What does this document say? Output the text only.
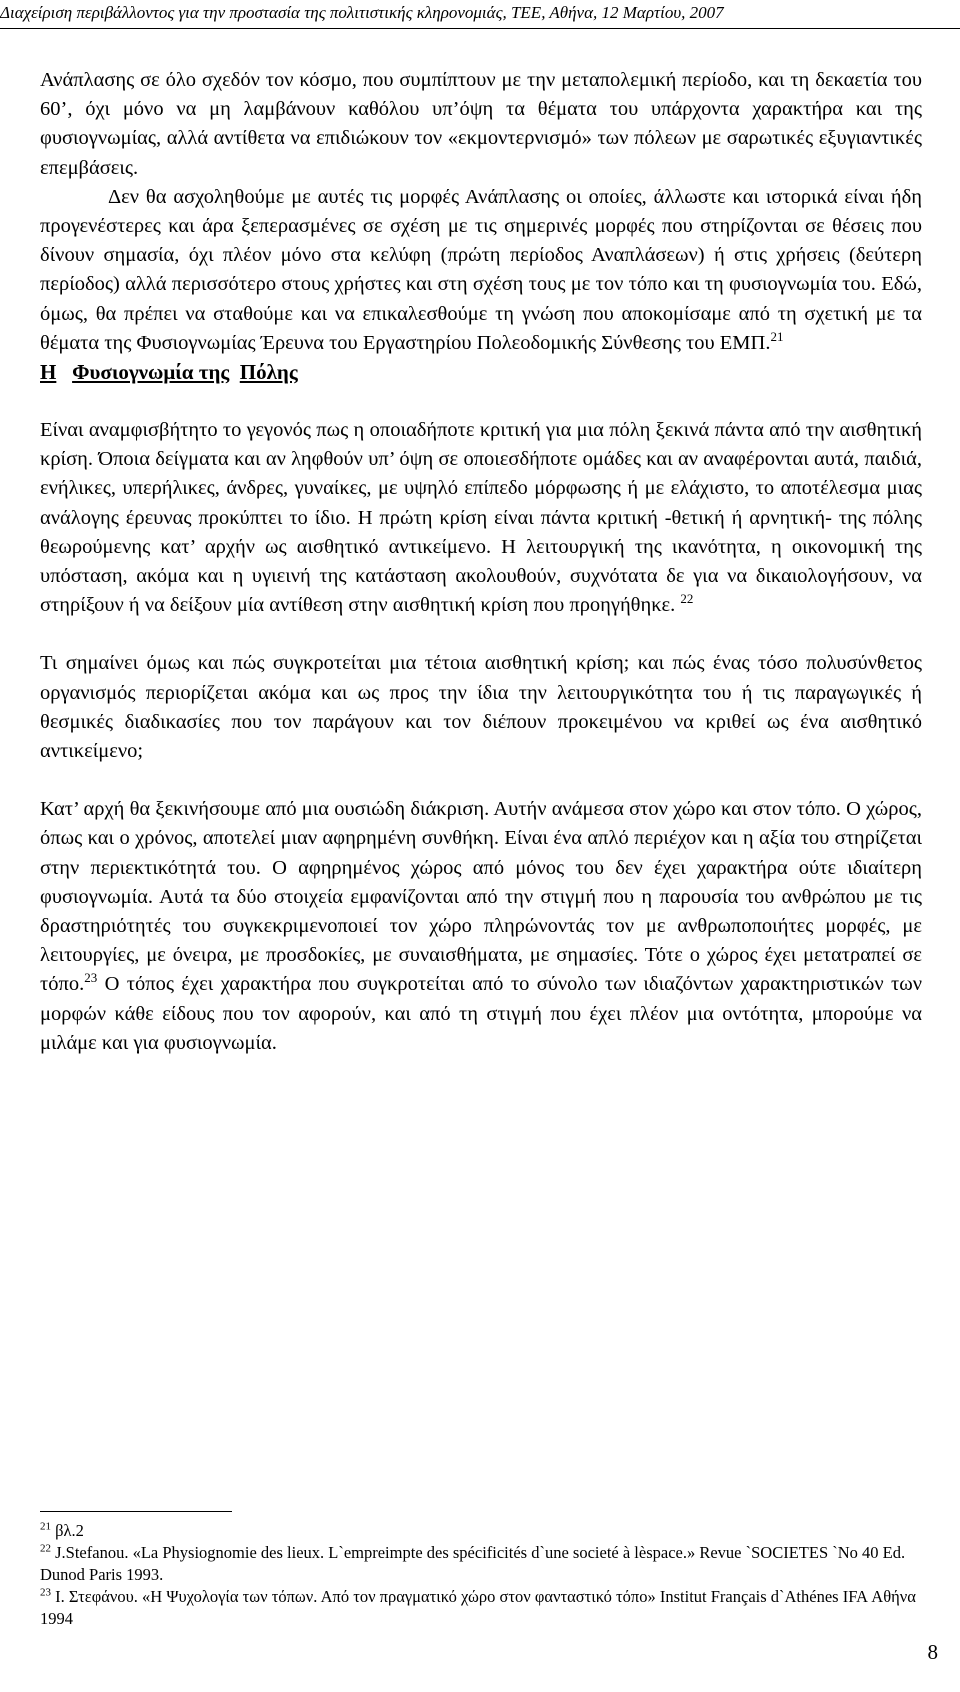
Διαχείριση περιβάλλοντος για την προστασία της πολιτιστικής κληρονομιάς, ΤΕΕ, Αθήνα, 12 Μαρτίου, 2007

Ανάπλασης σε όλο σχεδόν τον κόσμο, που συμπίπτουν με την μεταπολεμική περίοδο, και τη δεκαετία του 60’, όχι μόνο να μη λαμβάνουν καθόλου υπ’όψη τα θέματα του υπάρχοντα χαρακτήρα και της φυσιογνωμίας, αλλά αντίθετα να επιδιώκουν τον «εκμοντερνισμό» των πόλεων με σαρωτικές εξυγιαντικές επεμβάσεις.

Δεν θα ασχοληθούμε με αυτές τις μορφές Ανάπλασης οι οποίες, άλλωστε και ιστορικά είναι ήδη προγενέστερες και άρα ξεπερασμένες σε σχέση με τις σημερινές μορφές που στηρίζονται σε θέσεις που δίνουν σημασία, όχι πλέον μόνο στα κελύφη (πρώτη περίοδος Αναπλάσεων) ή στις χρήσεις (δεύτερη περίοδος) αλλά περισσότερο στους χρήστες και στη σχέση τους με τον τόπο και τη φυσιογνωμία του. Εδώ, όμως, θα πρέπει να σταθούμε και να επικαλεσθούμε τη γνώση που αποκομίσαμε από τη σχετική με τα θέματα της Φυσιογνωμίας Έρευνα του Εργαστηρίου Πολεοδομικής Σύνθεσης του ΕΜΠ.$^{21}$

Η Φυσιογνωμία της Πόλης

Είναι αναμφισβήτητο το γεγονός πως η οποιαδήποτε κριτική για μια πόλη ξεκινά πάντα από την αισθητική κρίση. Όποια δείγματα και αν ληφθούν υπ’ όψη σε οποιεσδήποτε ομάδες και αν αναφέρονται αυτά, παιδιά, ενήλικες, υπερήλικες, άνδρες, γυναίκες, με υψηλό επίπεδο μόρφωσης ή με ελάχιστο, το αποτέλεσμα μιας ανάλογης έρευνας προκύπτει το ίδιο. Η πρώτη κρίση είναι πάντα κριτική -θετική ή αρνητική- της πόλης θεωρούμενης κατ’ αρχήν ως αισθητικό αντικείμενο. Η λειτουργική της ικανότητα, η οικονομική της υπόσταση, ακόμα και η υγιεινή της κατάσταση ακολουθούν, συχνότατα δε για να δικαιολογήσουν, να στηρίξουν ή να δείξουν μία αντίθεση στην αισθητική κρίση που προηγήθηκε. $^{22}$

Τι σημαίνει όμως και πώς συγκροτείται μια τέτοια αισθητική κρίση; και πώς ένας τόσο πολυσύνθετος οργανισμός περιορίζεται ακόμα και ως προς την ίδια την λειτουργικότητα του ή τις παραγωγικές ή θεσμικές διαδικασίες που τον παράγουν και τον διέπουν προκειμένου να κριθεί ως ένα αισθητικό αντικείμενο;

Κατ’ αρχή θα ξεκινήσουμε από μια ουσιώδη διάκριση. Αυτήν ανάμεσα στον χώρο και στον τόπο. Ο χώρος, όπως και ο χρόνος, αποτελεί μιαν αφηρημένη συνθήκη. Είναι ένα απλό περιέχον και η αξία του στηρίζεται στην περιεκτικότητά του. Ο αφηρημένος χώρος από μόνος του δεν έχει χαρακτήρα ούτε ιδιαίτερη φυσιογνωμία. Αυτά τα δύο στοιχεία εμφανίζονται από την στιγμή που η παρουσία του ανθρώπου με τις δραστηριότητές του συγκεκριμενοποιεί τον χώρο πληρώνοντάς τον με ανθρωποποιήτες μορφές, με λειτουργίες, με όνειρα, με προσδοκίες, με συναισθήματα, με σημασίες. Τότε ο χώρος έχει μετατραπεί σε τόπο.$^{23}$ Ο τόπος έχει χαρακτήρα που συγκροτείται από το σύνολο των ιδιαζόντων χαρακτηριστικών των μορφών κάθε είδους που τον αφορούν, και από τη στιγμή που έχει πλέον μια οντότητα, μπορούμε να μιλάμε και για φυσιογνωμία.

$^{21}$ βλ.2

$^{22}$ J.Stefanou. «La Physiognomie des lieux. L`empreimpte des spécificités d`une societé à lèspace.» Revue `SOCIETES `No 40 Ed. Dunod Paris 1993.

$^{23}$ Ι. Στεφάνου. «Η Ψυχολογία των τόπων. Από τον πραγματικό χώρο στον φανταστικό τόπο» Institut Français d`Athénes IFA Αθήνα 1994

8
